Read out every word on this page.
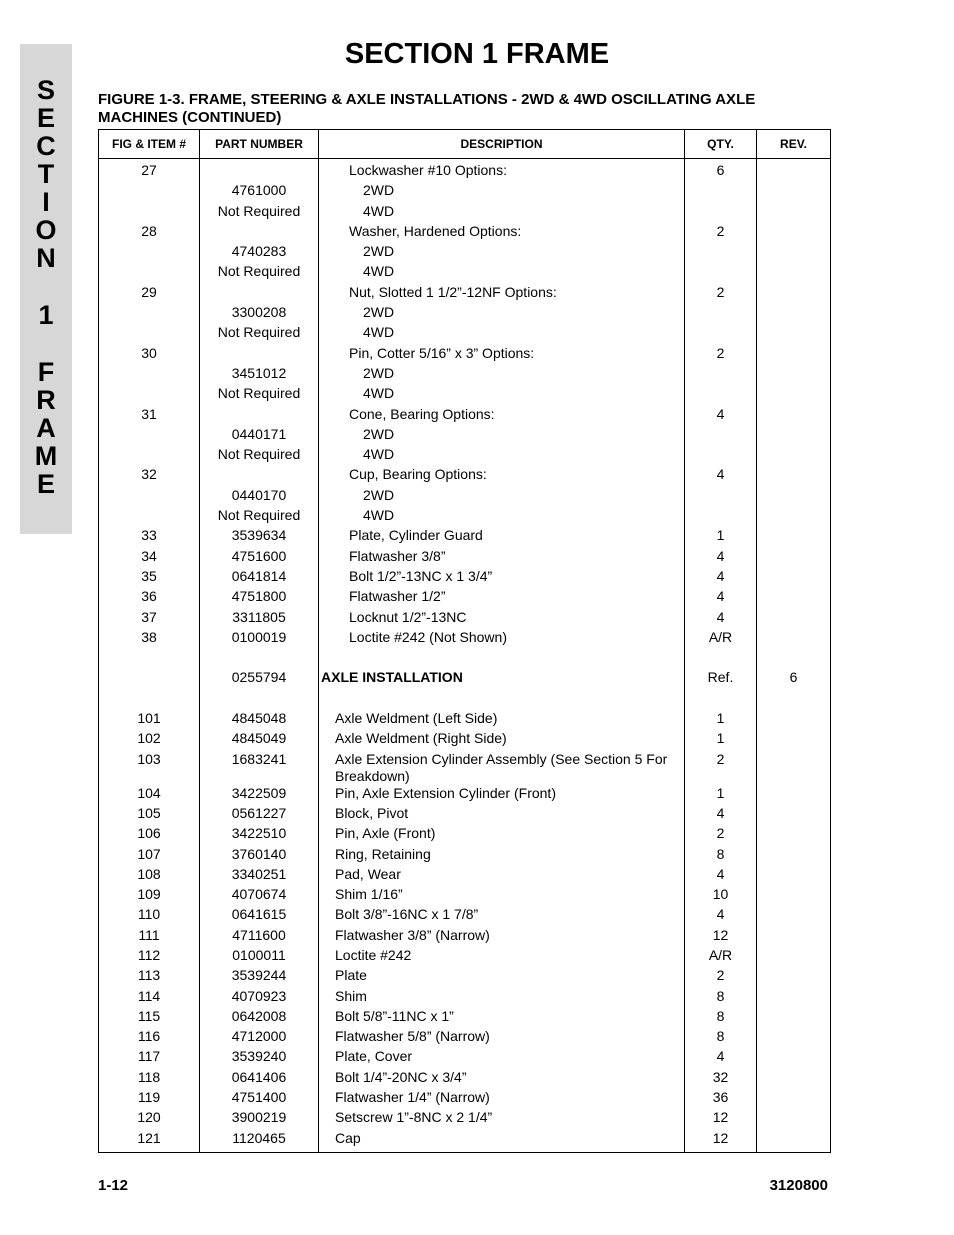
S
E
C
T
I
O
N
1
F
R
A
M
E
SECTION 1 FRAME
FIGURE 1-3. FRAME, STEERING & AXLE INSTALLATIONS - 2WD & 4WD OSCILLATING AXLE
MACHINES (CONTINUED)
FIG & ITEM #	PART NUMBER	DESCRIPTION	QTY.	REV.
27		Lockwasher #10 Options:	6	
	4761000	2WD		

	Not Required	4WD		

28		Washer, Hardened Options:	2	
	4740283	2WD		

	Not Required	4WD		

29		Nut, Slotted 1 1/2”-12NF Options:	2	
	3300208	2WD		

	Not Required	4WD		

30		Pin, Cotter 5/16” x 3” Options:	2	
	3451012	2WD		

	Not Required	4WD		

31		Cone, Bearing Options:	4	
	0440171	2WD		

	Not Required	4WD		

32		Cup, Bearing Options:	4	
	0440170	2WD		

	Not Required	4WD		

33	3539634	Plate, Cylinder Guard	1	
34	4751600	Flatwasher 3/8”	4	
35	0641814	Bolt 1/2”-13NC x 1 3/4”	4	
36	4751800	Flatwasher 1/2”	4	
37	3311805	Locknut 1/2”-13NC	4	
38	0100019	Loctite #242 (Not Shown)	A/R	

	0255794	AXLE INSTALLATION	Ref.	6

101	4845048	Axle Weldment (Left Side)	1	
102	4845049	Axle Weldment (Right Side)	1	
103	1683241	Axle Extension Cylinder Assembly (See Section 5 For Breakdown)	2	
104	3422509	Pin, Axle Extension Cylinder (Front)	1	
105	0561227	Block, Pivot	4	
106	3422510	Pin, Axle (Front)	2	
107	3760140	Ring, Retaining	8	
108	3340251	Pad, Wear	4	
109	4070674	Shim 1/16”	10	
110	0641615	Bolt 3/8”-16NC x 1 7/8”	4	
111	4711600	Flatwasher 3/8” (Narrow)	12	
112	0100011	Loctite #242	A/R	
113	3539244	Plate	2	
114	4070923	Shim	8	
115	0642008	Bolt 5/8”-11NC x 1”	8	
116	4712000	Flatwasher 5/8” (Narrow)	8	
117	3539240	Plate, Cover	4	
118	0641406	Bolt 1/4”-20NC x 3/4”	32	
119	4751400	Flatwasher 1/4” (Narrow)	36	
120	3900219	Setscrew 1”-8NC x 2 1/4”	12	
121	1120465	Cap	12	
1-12	3120800
